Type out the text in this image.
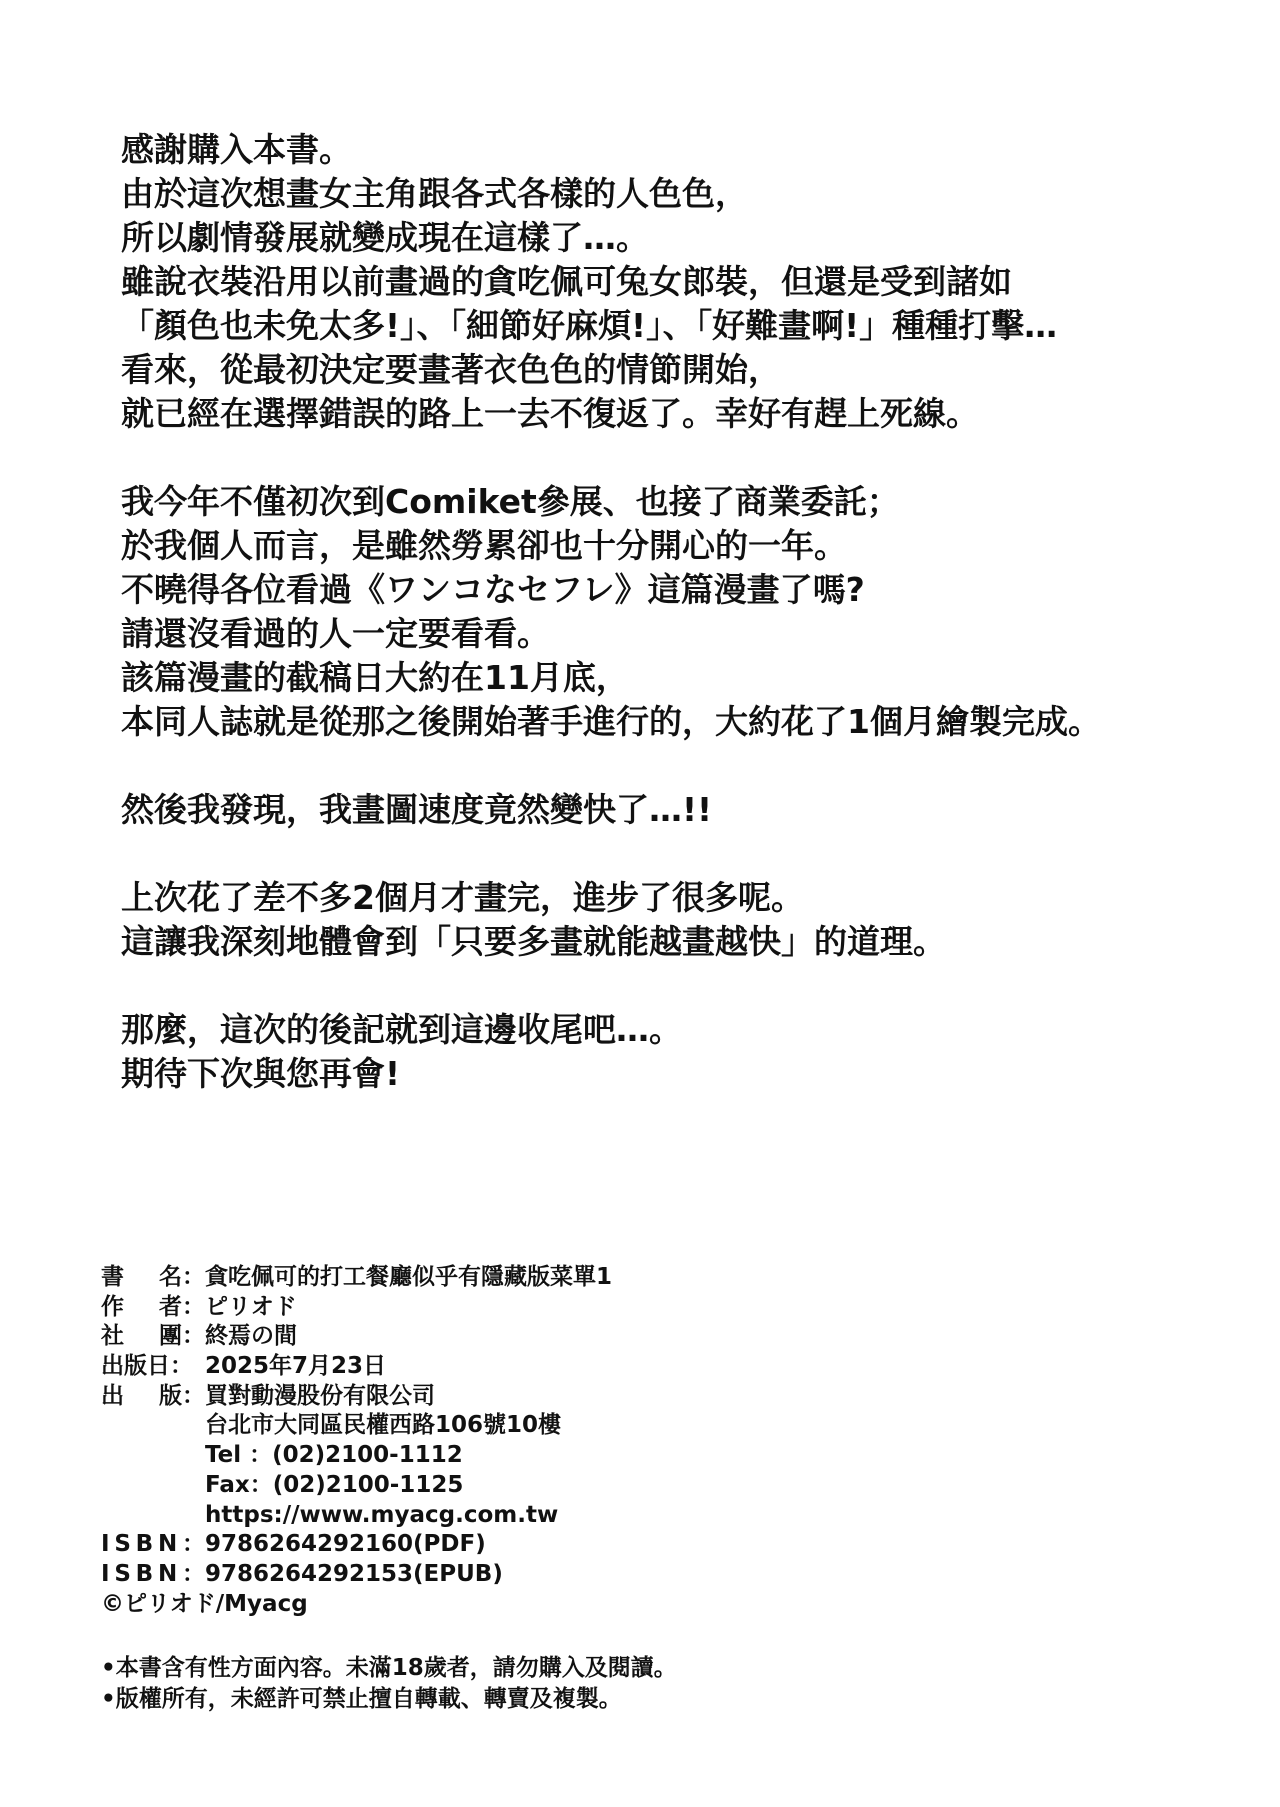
感謝購入本書。
由於這次想畫女主角跟各式各樣的人色色，
所以劇情發展就變成現在這樣了…。
雖說衣裝沿用以前畫過的貪吃佩可兔女郎裝，但還是受到諸如
「顏色也未免太多!」、「細節好麻煩!」、「好難畫啊!」種種打擊…
看來，從最初決定要畫著衣色色的情節開始，
就已經在選擇錯誤的路上一去不復返了。幸好有趕上死線。
我今年不僅初次到Comiket參展、也接了商業委託；
於我個人而言，是雖然勞累卻也十分開心的一年。
不曉得各位看過《ワンコなセフレ》這篇漫畫了嗎?
請還沒看過的人一定要看看。
該篇漫畫的截稿日大約在11月底，
本同人誌就是從那之後開始著手進行的，大約花了1個月繪製完成。
然後我發現，我畫圖速度竟然變快了…!!
上次花了差不多2個月才畫完，進步了很多呢。
這讓我深刻地體會到「只要多畫就能越畫越快」的道理。
那麼，這次的後記就到這邊收尾吧…。
期待下次與您再會!
書 名： 貪吃佩可的打工餐廳似乎有隱藏版菜單1
作 者： ピリオド
社 團： 終焉の間
出版日： 2025年7月23日
出 版： 買對動漫股份有限公司
台北市大同區民權西路106號10樓
Tel ：(02)2100-1112
Fax：(02)2100-1125
https://www.myacg.com.tw
I S B N ： 9786264292160(PDF)
I S B N ： 9786264292153(EPUB)
©ピリオド/Myacg
•本書含有性方面內容。未滿18歲者，請勿購入及閱讀。
•版權所有，未經許可禁止擅自轉載、轉賣及複製。
